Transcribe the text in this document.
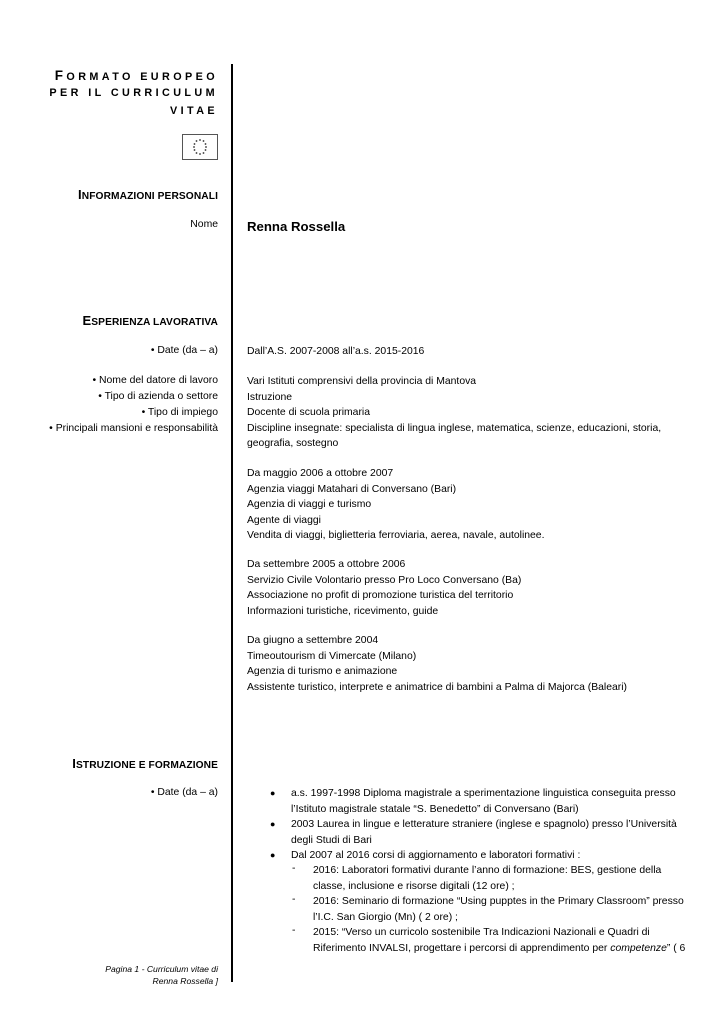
FORMATO EUROPEO
PER IL CURRICULUM
VITAE
INFORMAZIONI PERSONALI
Nome Renna Rossella
ESPERIENZA LAVORATIVA
• Date (da – a)
• Nome del datore di lavoro
• Tipo di azienda o settore
• Tipo di impiego
• Principali mansioni e responsabilità
Dall’A.S. 2007-2008 all’a.s. 2015-2016
Vari Istituti comprensivi della provincia di Mantova
Istruzione
Docente di scuola primaria
Discipline insegnate: specialista di lingua inglese, matematica, scienze, educazioni, storia,
geografia, sostegno
Da maggio 2006 a ottobre 2007
Agenzia viaggi Matahari di Conversano (Bari)
Agenzia di viaggi e turismo
Agente di viaggi
Vendita di viaggi, biglietteria ferroviaria, aerea, navale, autolinee.
Da settembre 2005 a ottobre 2006
Servizio Civile Volontario presso Pro Loco Conversano (Ba)
Associazione no profit di promozione turistica del territorio
Informazioni turistiche, ricevimento, guide
Da giugno a settembre 2004
Timeoutourism di Vimercate (Milano)
Agenzia di turismo e animazione
Assistente turistico, interprete e animatrice di bambini a Palma di Majorca (Baleari)
ISTRUZIONE E FORMAZIONE
• Date (da – a)	● a.s. 1997-1998 Diploma magistrale a sperimentazione linguistica conseguita presso
l’Istituto magistrale statale “S. Benedetto” di Conversano (Bari)
● 2003 Laurea in lingue e letterature straniere (inglese e spagnolo) presso l’Università
degli Studi di Bari
● Dal 2007 al 2016 corsi di aggiornamento e laboratori formativi :
- 2016: Laboratori formativi durante l’anno di formazione: BES, gestione della
classe, inclusione e risorse digitali (12 ore) ;
- 2016: Seminario di formazione “Using pupptes in the Primary Classroom” presso
l’I.C. San Giorgio (Mn) ( 2 ore) ;
- 2015: “Verso un curricolo sostenibile Tra Indicazioni Nazionali e Quadri di
Riferimento INVALSI, progettare i percorsi di apprendimento per competenze” ( 6
Pagina 1 - Curriculum vitae di
Renna Rossella ]
